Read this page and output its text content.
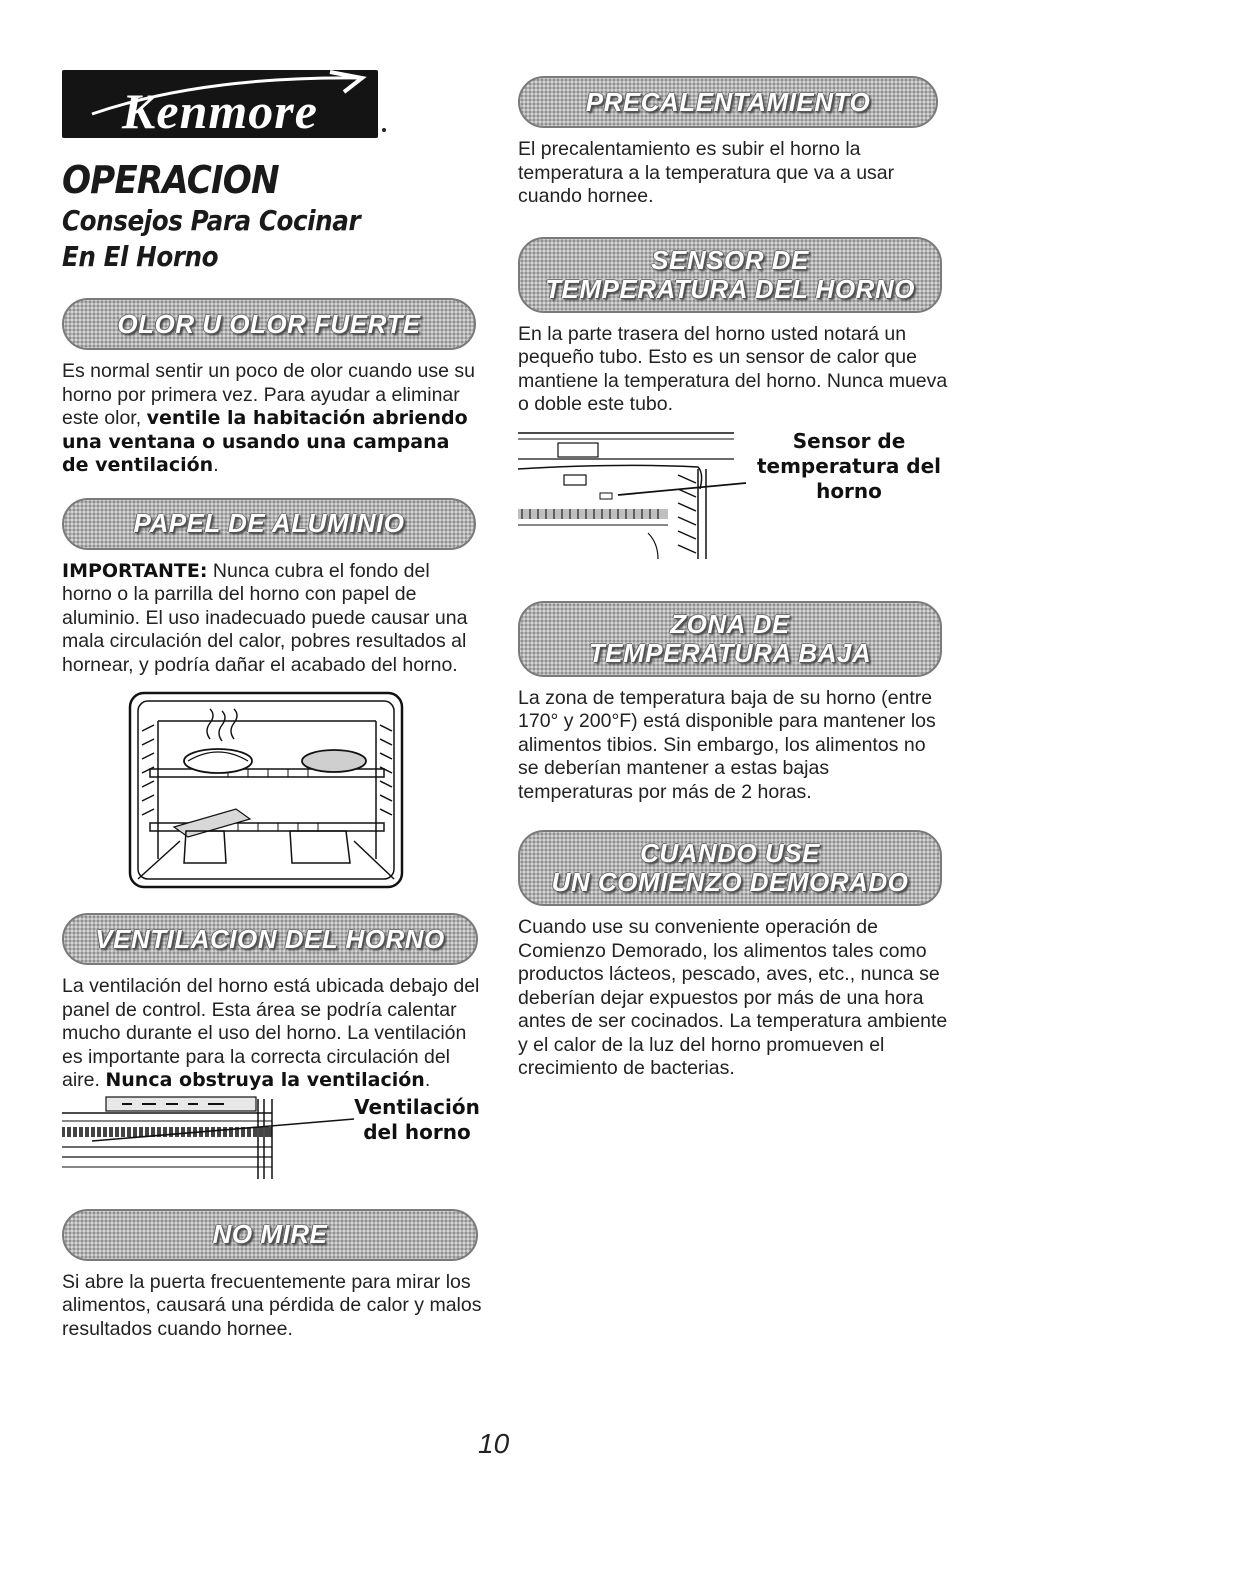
Kenmore
OPERACION
Consejos Para Cocinar
En El Horno
OLOR U OLOR FUERTE

Es normal sentir un poco de olor cuando use su horno por primera vez. Para ayudar a eliminar este olor, ventile la habitación abriendo una ventana o usando una campana de ventilación.

PAPEL DE ALUMINIO

IMPORTANTE: Nunca cubra el fondo del horno o la parrilla del horno con papel de aluminio. El uso inadecuado puede causar una mala circulación del calor, pobres resultados al hornear, y podría dañar el acabado del horno.

VENTILACION DEL HORNO

La ventilación del horno está ubicada debajo del panel de control. Esta área se podría calentar mucho durante el uso del horno. La ventilación es importante para la correcta circulación del aire. Nunca obstruya la ventilación.

Ventilación
del horno
NO MIRE

Si abre la puerta frecuentemente para mirar los alimentos, causará una pérdida de calor y malos resultados cuando hornee.

PRECALENTAMIENTO

El precalentamiento es subir el horno la temperatura a la temperatura que va a usar cuando hornee.

SENSOR DE
TEMPERATURA DEL HORNO

En la parte trasera del horno usted notará un pequeño tubo. Esto es un sensor de calor que mantiene la temperatura del horno. Nunca mueva o doble este tubo.

Sensor de
temperatura del
horno
ZONA DE
TEMPERATURA BAJA

La zona de temperatura baja de su horno (entre 170° y 200°F) está disponible para mantener los alimentos tibios. Sin embargo, los alimentos no se deberían mantener a estas bajas temperaturas por más de 2 horas.

CUANDO USE
UN COMIENZO DEMORADO

Cuando use su conveniente operación de Comienzo Demorado, los alimentos tales como productos lácteos, pescado, aves, etc., nunca se deberían dejar expuestos por más de una hora antes de ser cocinados. La temperatura ambiente y el calor de la luz del horno promueven el crecimiento de bacterias.

10
